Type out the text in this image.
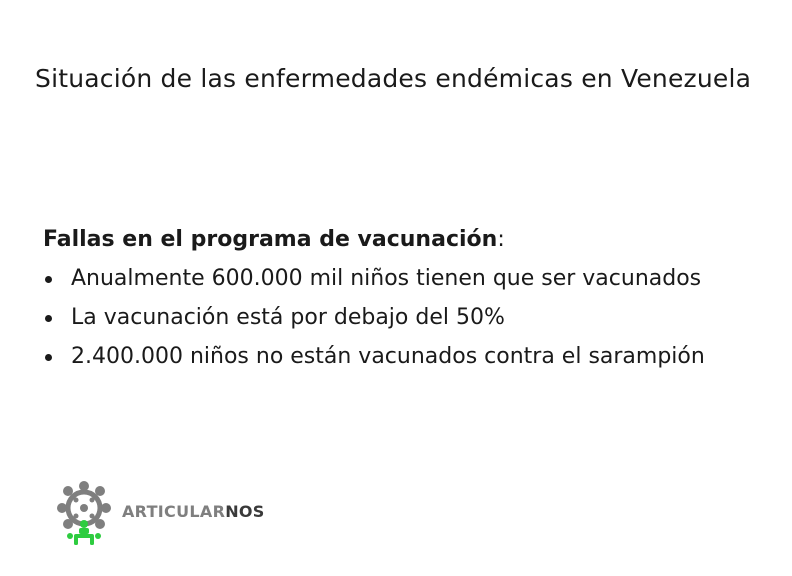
Situación de las enfermedades endémicas en Venezuela

Fallas en el programa de vacunación:

Anualmente 600.000 mil niños tienen que ser vacunados
La vacunación está por debajo del 50%
2.400.000 niños no están vacunados contra el sarampión
ARTICULARNOS
